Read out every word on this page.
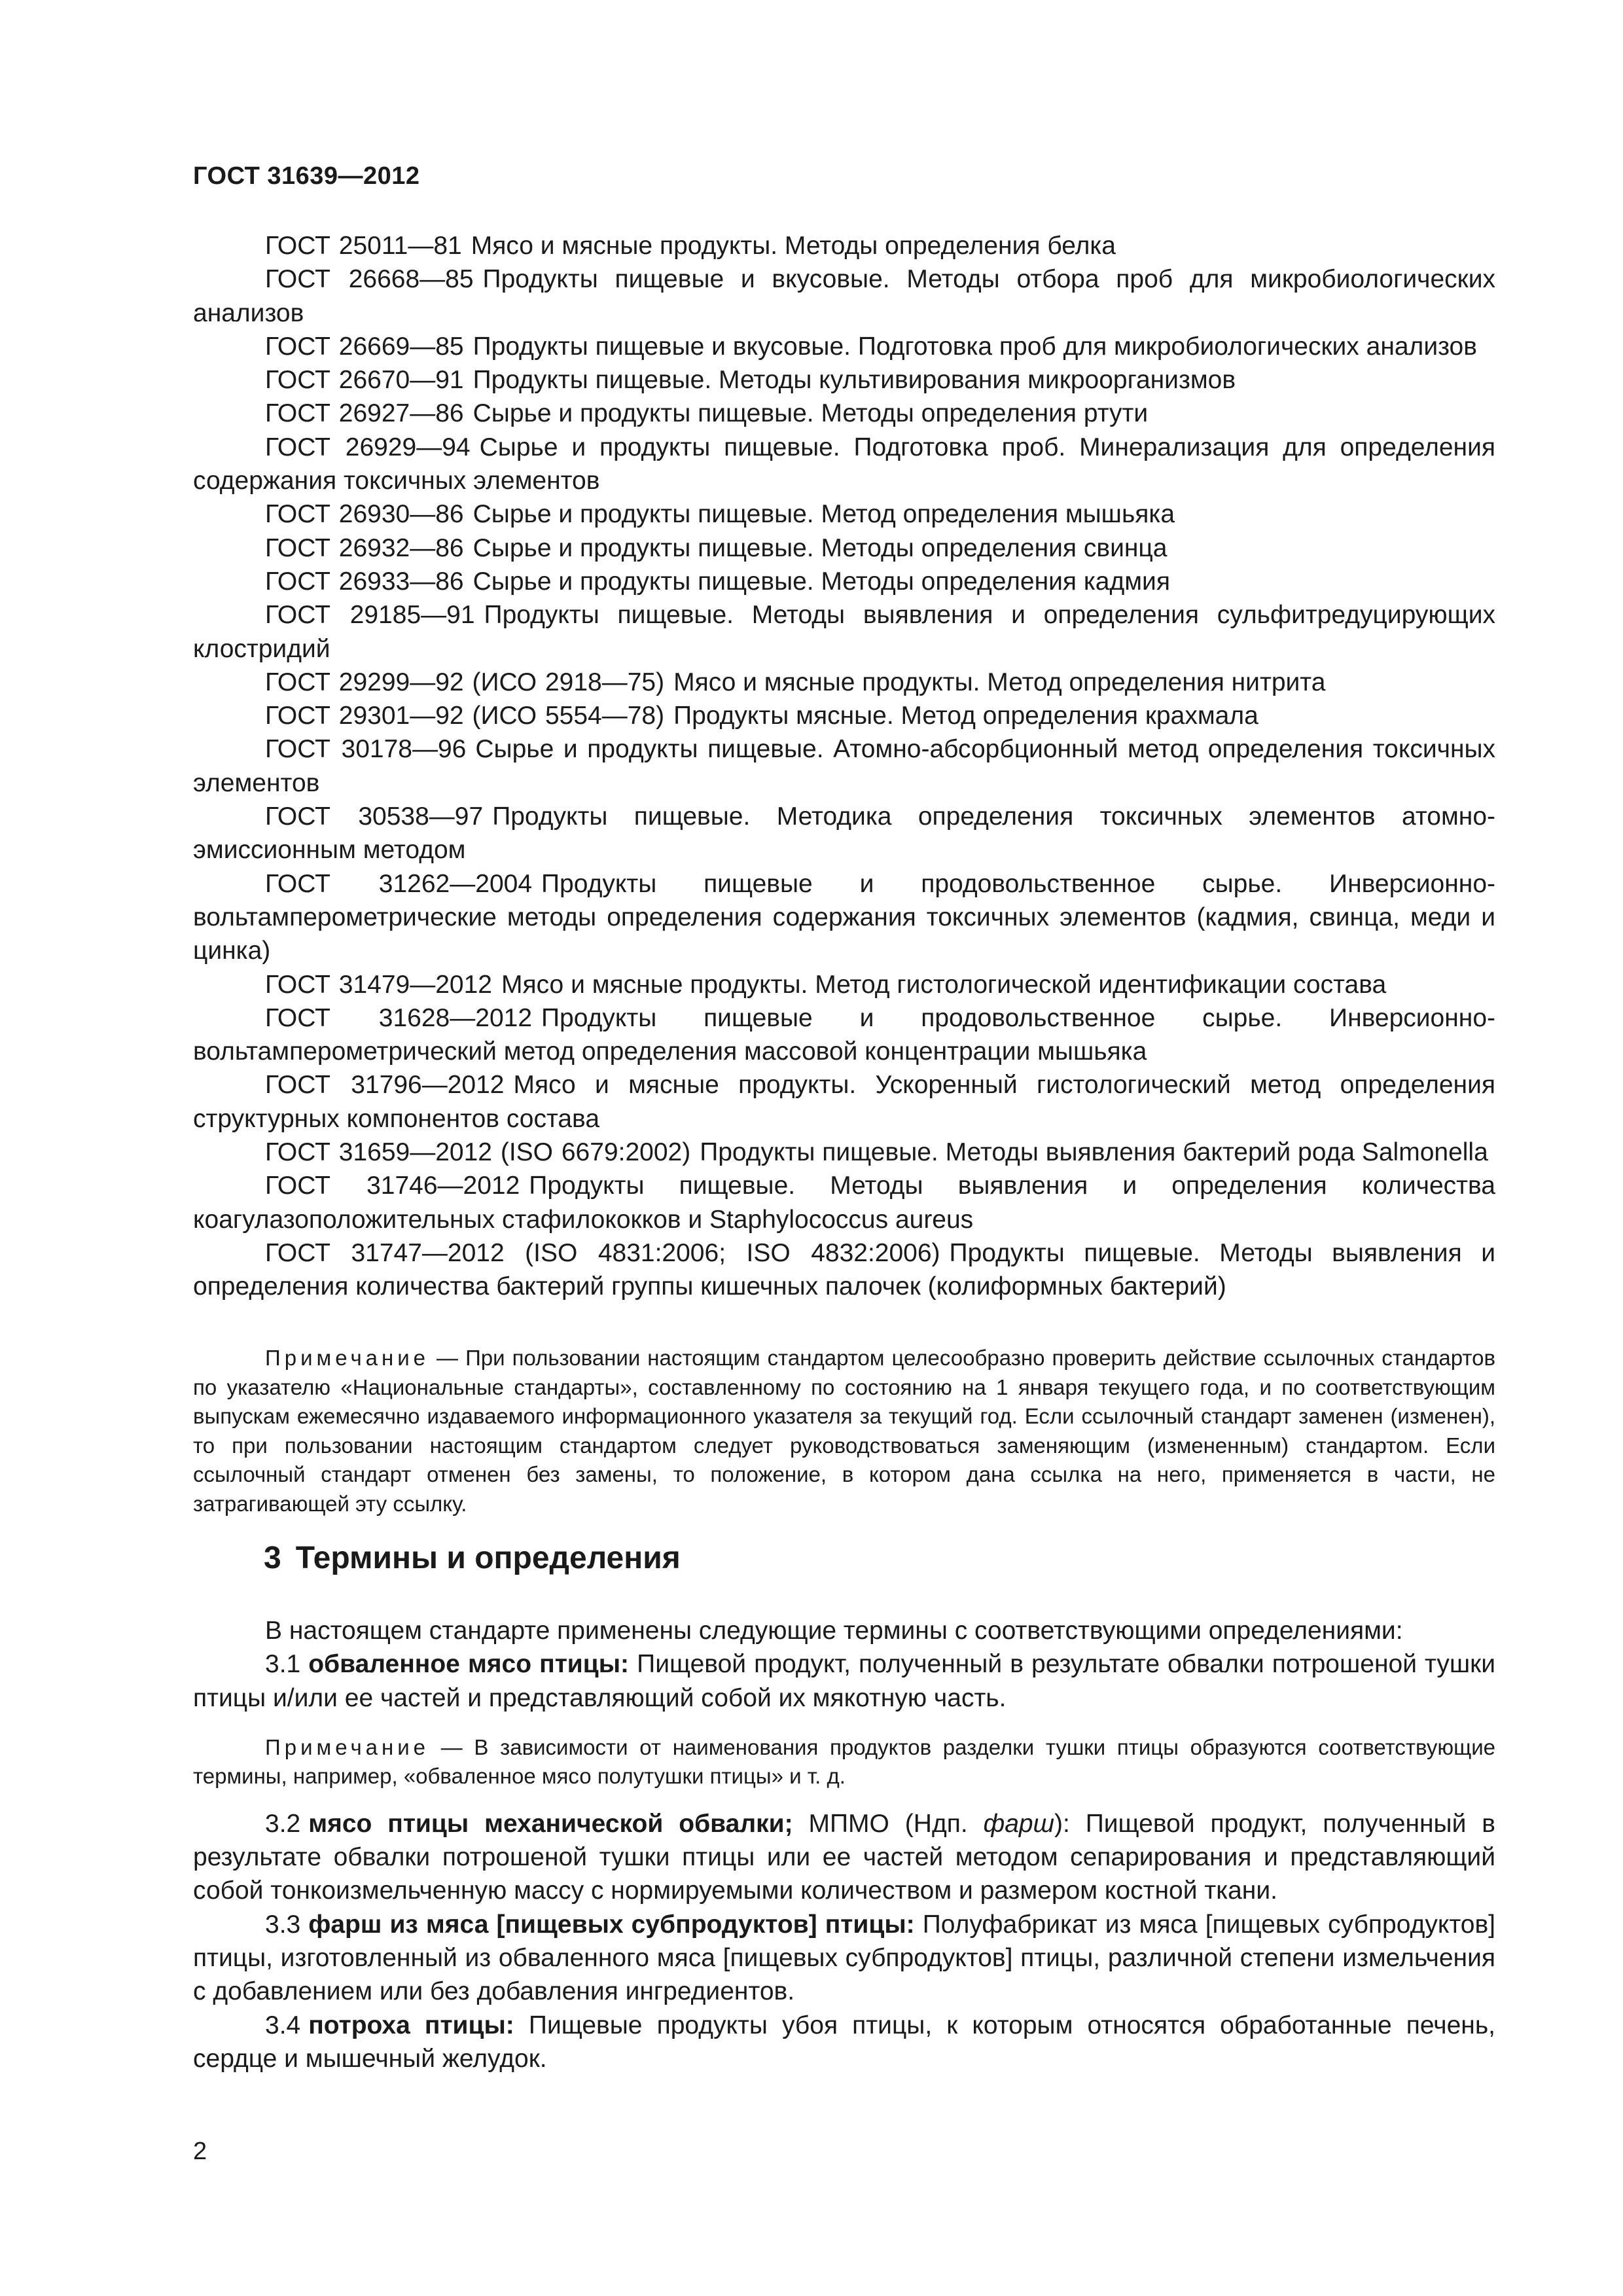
ГОСТ 31639—2012

ГОСТ 25011—81 Мясо и мясные продукты. Методы определения белка

ГОСТ 26668—85 Продукты пищевые и вкусовые. Методы отбора проб для микробиологических анализов

ГОСТ 26669—85 Продукты пищевые и вкусовые. Подготовка проб для микробиологических анализов

ГОСТ 26670—91 Продукты пищевые. Методы культивирования микроорганизмов

ГОСТ 26927—86 Сырье и продукты пищевые. Методы определения ртути

ГОСТ 26929—94 Сырье и продукты пищевые. Подготовка проб. Минерализация для определения содержания токсичных элементов

ГОСТ 26930—86 Сырье и продукты пищевые. Метод определения мышьяка

ГОСТ 26932—86 Сырье и продукты пищевые. Методы определения свинца

ГОСТ 26933—86 Сырье и продукты пищевые. Методы определения кадмия

ГОСТ 29185—91 Продукты пищевые. Методы выявления и определения сульфитредуцирующих клостридий

ГОСТ 29299—92 (ИСО 2918—75) Мясо и мясные продукты. Метод определения нитрита

ГОСТ 29301—92 (ИСО 5554—78) Продукты мясные. Метод определения крахмала

ГОСТ 30178—96 Сырье и продукты пищевые. Атомно-абсорбционный метод определения токсичных элементов

ГОСТ 30538—97 Продукты пищевые. Методика определения токсичных элементов атомно-эмиссионным методом

ГОСТ 31262—2004 Продукты пищевые и продовольственное сырье. Инверсионно-вольтамперометрические методы определения содержания токсичных элементов (кадмия, свинца, меди и цинка)

ГОСТ 31479—2012 Мясо и мясные продукты. Метод гистологической идентификации состава

ГОСТ 31628—2012 Продукты пищевые и продовольственное сырье. Инверсионно-вольтамперометрический метод определения массовой концентрации мышьяка

ГОСТ 31796—2012 Мясо и мясные продукты. Ускоренный гистологический метод определения структурных компонентов состава

ГОСТ 31659—2012 (ISO 6679:2002) Продукты пищевые. Методы выявления бактерий рода Salmonella

ГОСТ 31746—2012 Продукты пищевые. Методы выявления и определения количества коагулазоположительных стафилококков и Staphylococcus aureus

ГОСТ 31747—2012 (ISO 4831:2006; ISO 4832:2006) Продукты пищевые. Методы выявления и определения количества бактерий группы кишечных палочек (колиформных бактерий)

Примечание — При пользовании настоящим стандартом целесообразно проверить действие ссылочных стандартов по указателю «Национальные стандарты», составленному по состоянию на 1 января текущего года, и по соответствующим выпускам ежемесячно издаваемого информационного указателя за текущий год. Если ссылочный стандарт заменен (изменен), то при пользовании настоящим стандартом следует руководствоваться заменяющим (измененным) стандартом. Если ссылочный стандарт отменен без замены, то положение, в котором дана ссылка на него, применяется в части, не затрагивающей эту ссылку.

3 Термины и определения

В настоящем стандарте применены следующие термины с соответствующими определениями:

3.1 обваленное мясо птицы: Пищевой продукт, полученный в результате обвалки потрошеной тушки птицы и/или ее частей и представляющий собой их мякотную часть.

Примечание — В зависимости от наименования продуктов разделки тушки птицы образуются соответствующие термины, например, «обваленное мясо полутушки птицы» и т. д.

3.2 мясо птицы механической обвалки; МПМО (Ндп. фарш): Пищевой продукт, полученный в результате обвалки потрошеной тушки птицы или ее частей методом сепарирования и представляющий собой тонкоизмельченную массу с нормируемыми количеством и размером костной ткани.

3.3 фарш из мяса [пищевых субпродуктов] птицы: Полуфабрикат из мяса [пищевых субпродуктов] птицы, изготовленный из обваленного мяса [пищевых субпродуктов] птицы, различной степени измельчения с добавлением или без добавления ингредиентов.

3.4 потроха птицы: Пищевые продукты убоя птицы, к которым относятся обработанные печень, сердце и мышечный желудок.

2
